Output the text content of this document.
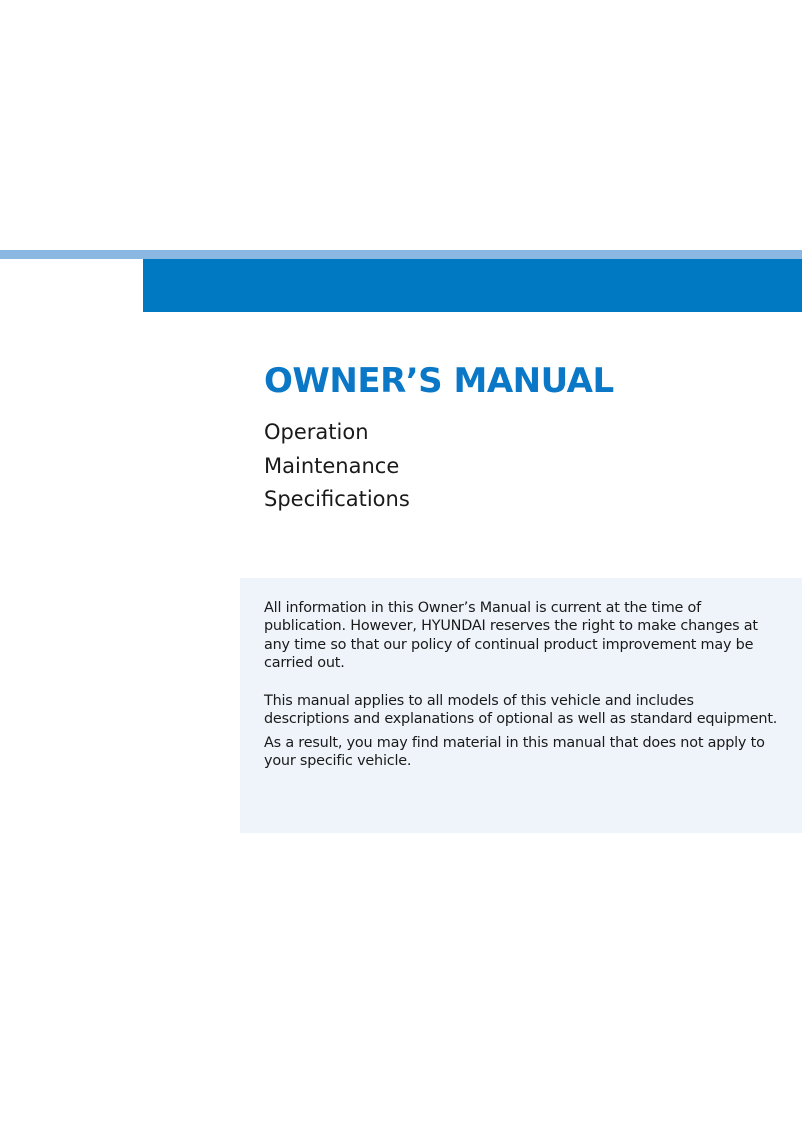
OWNER’S MANUAL
Operation
Maintenance
Specifications

All information in this Owner’s Manual is current at the time of publication. However, HYUNDAI reserves the right to make changes at any time so that our policy of continual product improvement may be carried out.

This manual applies to all models of this vehicle and includes descriptions and explanations of optional as well as standard equipment.

As a result, you may find material in this manual that does not apply to your specific vehicle.
